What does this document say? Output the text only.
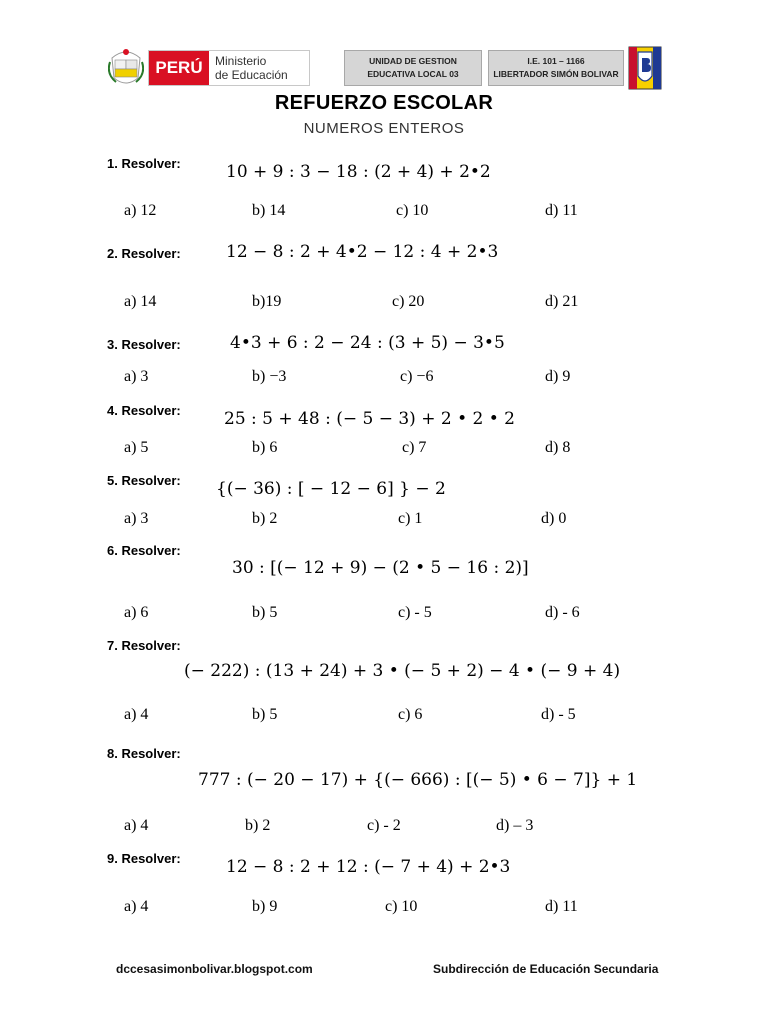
PERÚ	Ministerio
de Educación
UNIDAD DE GESTION
EDUCATIVA LOCAL 03
I.E. 101 – 1166
LIBERTADOR SIMÓN BOLIVAR
REFUERZO ESCOLAR
NUMEROS ENTEROS
1. Resolver:	10 + 9 : 3 − 18 : (2 + 4) + 2•2
a) 12	b) 14	c) 10	d) 11
2. Resolver:	12 − 8 : 2 + 4•2 − 12 : 4 + 2•3
a) 14	b)19	c) 20	d) 21
3. Resolver:	4•3 + 6 : 2 − 24 : (3 + 5) − 3•5
a) 3	b) −3	c) −6	d) 9
4. Resolver:	25 : 5 + 48 : (− 5 − 3) + 2 • 2 • 2
a) 5	b) 6	c) 7	d) 8
5. Resolver: {(− 36) : [ − 12 − 6] } − 2
a) 3	b) 2	c) 1	d) 0
6. Resolver:
30 : [(− 12 + 9) − (2 • 5 − 16 : 2)]
a) 6	b) 5	c) - 5	d) - 6
7. Resolver:
(− 222) : (13 + 24) + 3 • (− 5 + 2) − 4 • (− 9 + 4)
a) 4	b) 5	c) 6	d) - 5
8. Resolver:
777 : (− 20 − 17) + {(− 666) : [(− 5) • 6 − 7]} + 1
a) 4	b) 2	c) - 2	d) – 3
9. Resolver:	12 − 8 : 2 + 12 : (− 7 + 4) + 2•3
a) 4	b) 9	c) 10	d) 11
dccesasimonbolivar.blogspot.com	Subdirección de Educación Secundaria
